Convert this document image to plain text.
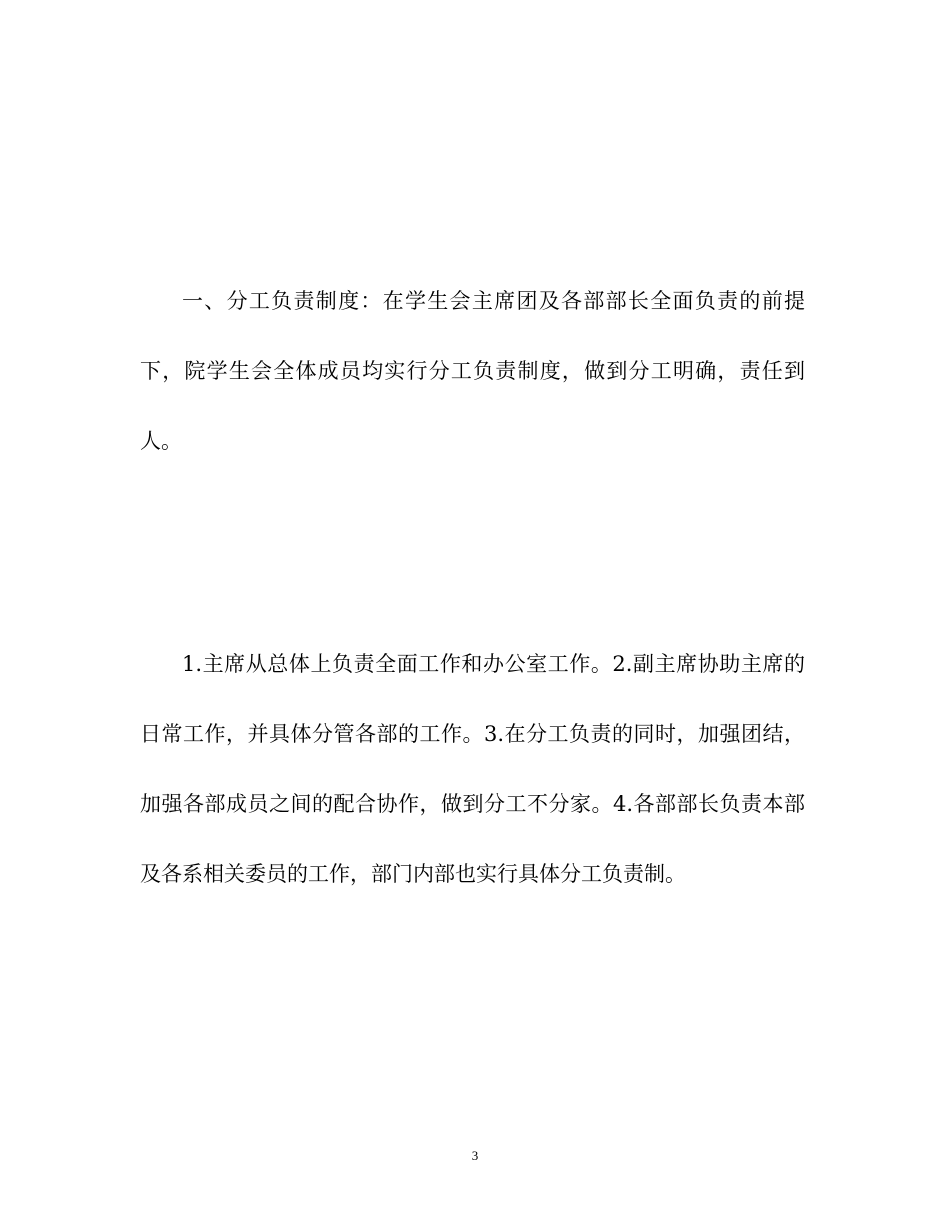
一、分工负责制度：在学生会主席团及各部部长全面负责的前提下，院学生会全体成员均实行分工负责制度，做到分工明确，责任到人。

1.主席从总体上负责全面工作和办公室工作。2.副主席协助主席的日常工作，并具体分管各部的工作。3.在分工负责的同时，加强团结，加强各部成员之间的配合协作，做到分工不分家。4.各部部长负责本部及各系相关委员的工作，部门内部也实行具体分工负责制。

3
